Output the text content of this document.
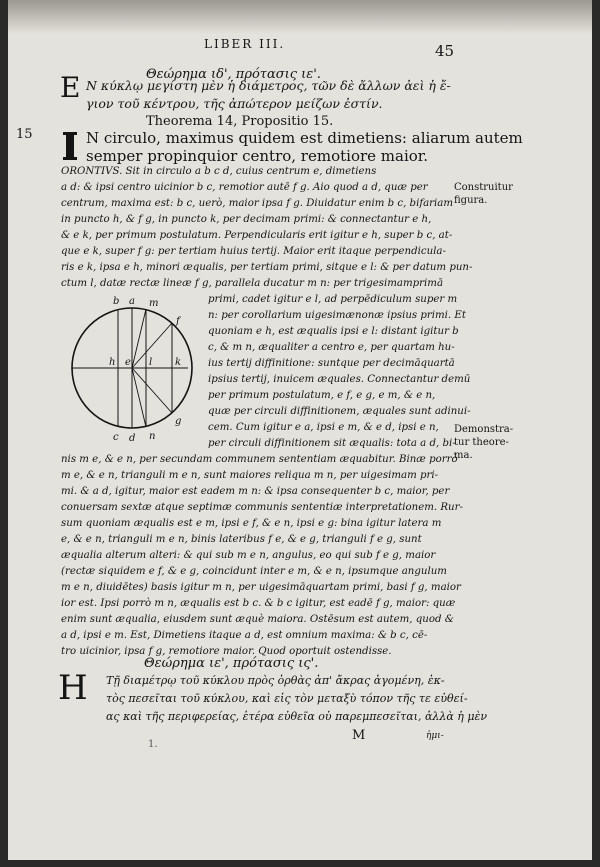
LIBER III.	45
Θεώρημα ιδ', πρότασις ιε'.
E Ν κύκλῳ μεγίστη μὲν ἡ διάμετρος, τῶν δὲ ἄλλων ἀεὶ ἡ ἔ-
γιον τοῦ κέντρου, τῆς ἀπώτερον μείζων ἐστίν.
Theorema 14, Propositio 15.
15	N circulo, maximus quidem est dimetiens: aliarum autem
semper propinquior centro, remotiore maior.
ORONTIVS. Sit in circulo a b c d, cuius centrum e, dimetiens
a d: & ipsi centro uicinior b c, remotior autē f g. Aio quod a d, quæ per
centrum, maxima est: b c, uerò, maior ipsa f g. Diuidatur enim b c, bifariam
in puncto h, & f g, in puncto k, per decimam primi: & connectantur e h,
& e k, per primum postulatum. Perpendicularis erit igitur e h, super b c, at-
que e k, super f g: per tertiam huius tertij. Maior erit itaque perpendicula-
ris e k, ipsa e h, minori æqualis, per tertiam primi, sitque e l: & per datum pun-
ctum l, datæ rectæ lineæ f g, parallela ducatur m n: per trigesimamprimā
primi, cadet igitur e l, ad perpēdiculum super m
n: per corollarium uigesimænonæ ipsius primi. Et
quoniam e h, est æqualis ipsi e l: distant igitur b
c, & m n, æqualiter a centro e, per quartam hu-
ius tertij diffinitione: suntque per decimāquartā
ipsius tertij, inuicem æquales. Connectantur demū
per primum postulatum, e f, e g, e m, & e n,
quæ per circuli diffinitionem, æquales sunt adinui-
cem. Cum igitur e a, ipsi e m, & e d, ipsi e n,
per circuli diffinitionem sit æqualis: tota a d, bi-
nis m e, & e n, per secundam communem sententiam æquabitur. Binæ porrò
m e, & e n, trianguli m e n, sunt maiores reliqua m n, per uigesimam pri-
mi. & a d, igitur, maior est eadem m n: & ipsa consequenter b c, maior, per
conuersam sextæ atque septimæ communis sententiæ interpretationem. Rur-
sum quoniam æqualis est e m, ipsi e f, & e n, ipsi e g: bina igitur latera m
e, & e n, trianguli m e n, binis lateribus f e, & e g, trianguli f e g, sunt
æqualia alterum alteri: & qui sub m e n, angulus, eo qui sub f e g, maior
(rectæ siquidem e f, & e g, coincidunt inter e m, & e n, ipsumque angulum
m e n, diuidētes) basis igitur m n, per uigesimāquartam primi, basi f g, maior
ior est. Ipsi porrò m n, æqualis est b c. & b c igitur, est eadē f g, maior: quæ
enim sunt æqualia, eiusdem sunt æquè maiora. Ostēsum est autem, quod &
a d, ipsi e m. Est, Dimetiens itaque a d, est omnium maxima: & b c, cē-
tro uicinior, ipsa f g, remotiore maior. Quod oportuit ostendisse.
Construitur
figura.
Demonstra-
tur theore-
ma.
b a m
f
h e l k
c d n
g
Θεώρημα ιε', πρότασις ις'.
H Τῇ διαμέτρῳ τοῦ κύκλου πρὸς ὀρθὰς ἀπ' ἄκρας ἀγομένη, ἐκ-
τὸς πεσεῖται τοῦ κύκλου, καὶ εἰς τὸν μεταξὺ τόπον τῆς τε εὐθεί-
ας καὶ τῆς περιφερείας, ἑτέρα εὐθεῖα οὐ παρεμπεσεῖται, ἀλλὰ ἡ μὲν
M	ἡμι-
1.
